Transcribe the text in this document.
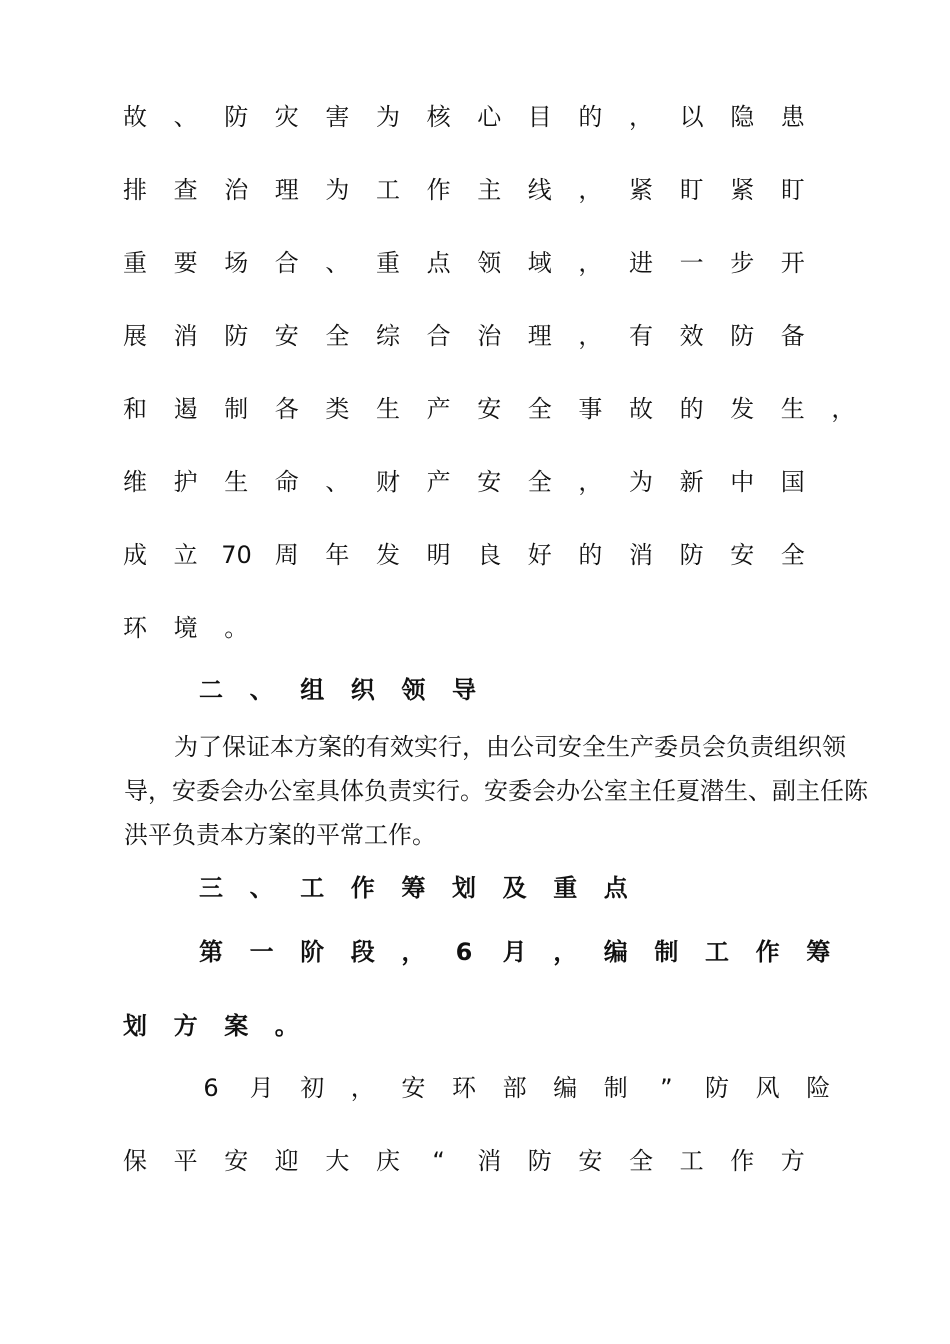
故 、 防 灾 害 为 核 心 目 的 ， 以 隐 患
排 查 治 理 为 工 作 主 线 ， 紧 盯 紧 盯
重 要 场 合 、 重 点 领 域 ， 进 一 步 开
展 消 防 安 全 综 合 治 理 ， 有 效 防 备
和 遏 制 各 类 生 产 安 全 事 故 的 发 生 ，
维 护 生 命 、 财 产 安 全 ， 为 新 中 国
成 立 70 周 年 发 明 良 好 的 消 防 安 全
环 境 。
二 、 组 织 领 导
三 、 工 作 筹 划 及 重 点
第 一 阶 段 ， 6 月 ， 编 制 工 作 筹
划 方 案 。
6	月 初 ， 安 环 部 编 制	”	防 风 险
保 平 安 迎 大 庆	“	消 防 安 全 工 作 方

为了保证本方案的有效实行，由公司安全生产委员会负责组织领导，安委会办公室具体负责实行。安委会办公室主任夏潜生、副主任陈洪平负责本方案的平常工作。
